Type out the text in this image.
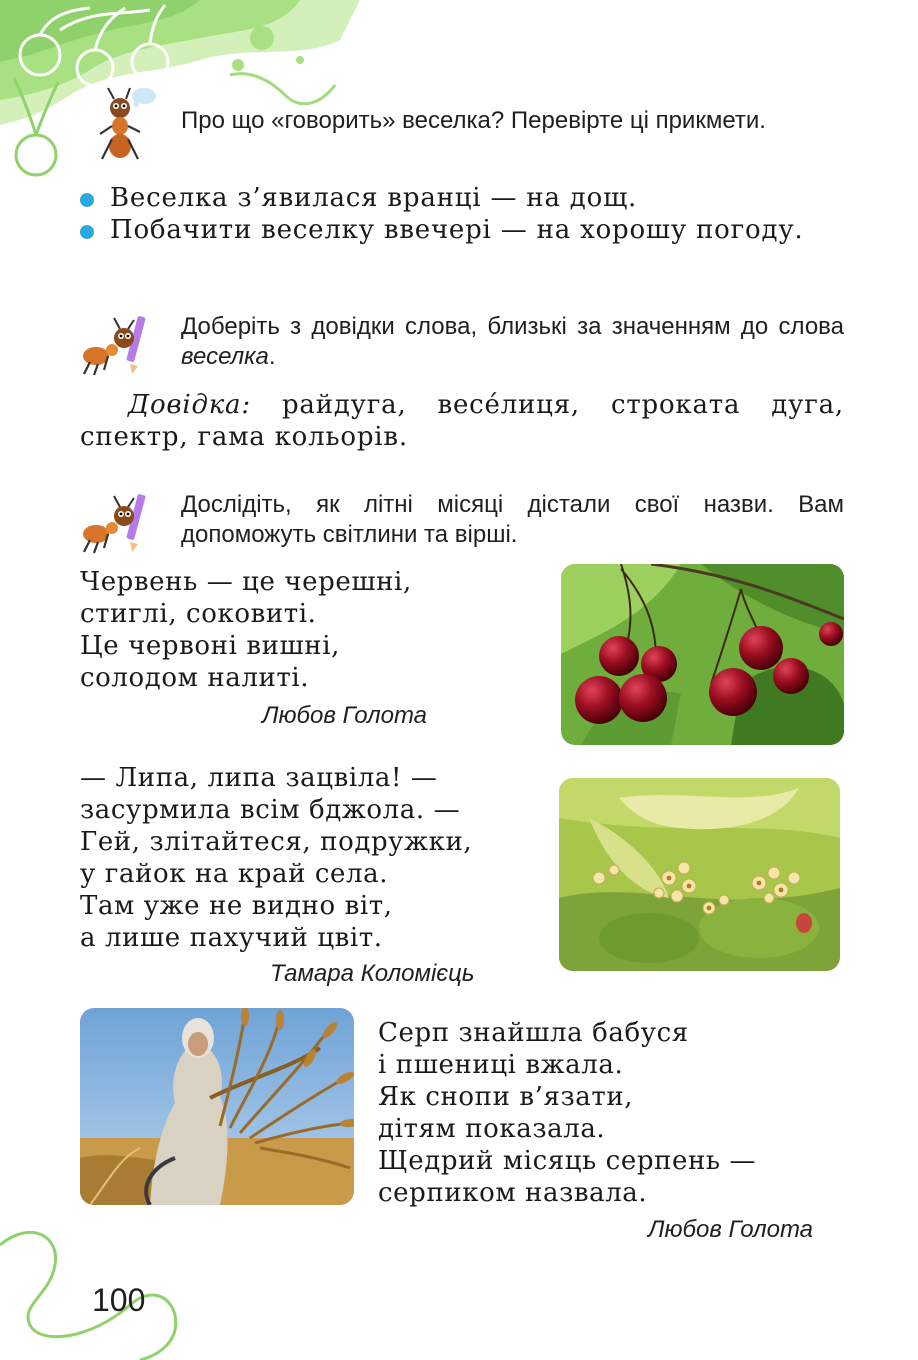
Про що «говорить» веселка? Перевірте ці прикмети.
Веселка з’явилася вранці — на дощ.
Побачити веселку ввечері — на хорошу погоду.
Доберіть з довідки слова, близькі за значенням до слова веселка.
Довідка: райдуга, весе́лиця, строката дуга, спектр, гама кольорів.
Дослідіть, як літні місяці дістали свої назви. Вам допоможуть світлини та вірші.
Червень — це черешні,
стиглі, соковиті.
Це червоні вишні,
солодом налиті.
Любов Голота
— Липа, липа зацвіла! —
засурмила всім бджола. —
Гей, злітайтеся, подружки,
у гайок на край села.
Там уже не видно віт,
а лише пахучий цвіт.
Тамара Коломієць
Серп знайшла бабуся
і пшениці вжала.
Як снопи в’язати,
дітям показала.
Щедрий місяць серпень —
серпиком назвала.
Любов Голота
100
